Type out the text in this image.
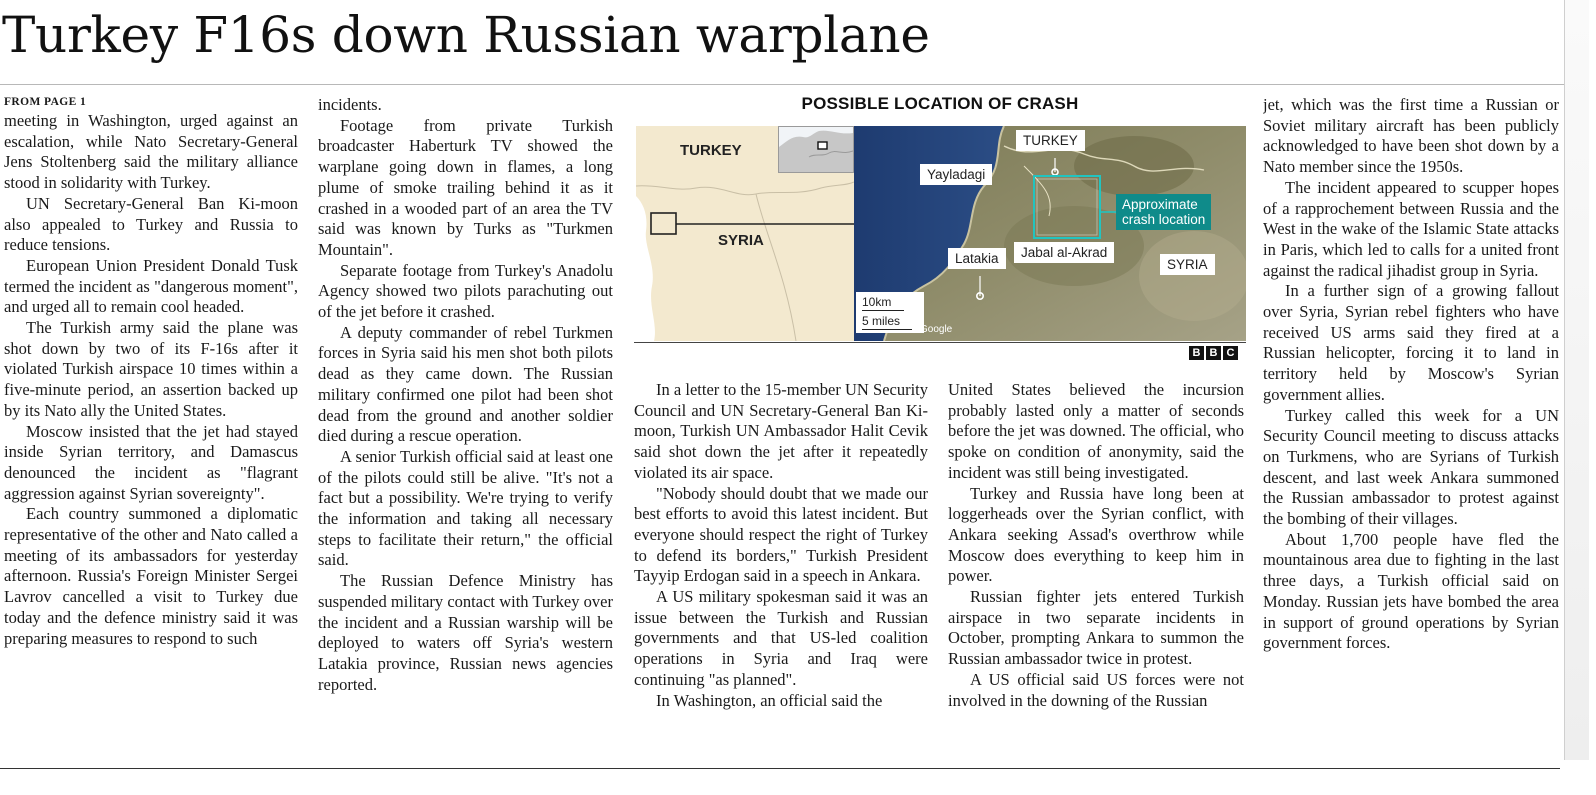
Turkey F16s down Russian warplane
FROM PAGE 1

meeting in Washington, urged against an escalation, while Nato Secretary-General Jens Stoltenberg said the military alliance stood in solidarity with Turkey.

UN Secretary-General Ban Ki-moon also appealed to Turkey and Russia to reduce tensions.

European Union President Donald Tusk termed the incident as "dangerous moment", and urged all to remain cool headed.

The Turkish army said the plane was shot down by two of its F-16s after it violated Turkish airspace 10 times within a five-minute period, an assertion backed up by its Nato ally the United States.

Moscow insisted that the jet had stayed inside Syrian territory, and Damascus denounced the incident as "flagrant aggression against Syrian sovereignty".

Each country summoned a diplomatic representative of the other and Nato called a meeting of its ambassadors for yesterday afternoon. Russia's Foreign Minister Sergei Lavrov cancelled a visit to Turkey due today and the defence ministry said it was preparing measures to respond to such

incidents.

Footage from private Turkish broadcaster Haberturk TV showed the warplane going down in flames, a long plume of smoke trailing behind it as it crashed in a wooded part of an area the TV said was known by Turks as "Turkmen Mountain".

Separate footage from Turkey's Anadolu Agency showed two pilots parachuting out of the jet before it crashed.

A deputy commander of rebel Turkmen forces in Syria said his men shot both pilots dead as they came down. The Russian military confirmed one pilot had been shot dead from the ground and another soldier died during a rescue operation.

A senior Turkish official said at least one of the pilots could still be alive. "It's not a fact but a possibility. We're trying to verify the information and taking all necessary steps to facilitate their return," the official said.

The Russian Defence Ministry has suspended military contact with Turkey over the incident and a Russian warship will be deployed to waters off Syria's western Latakia province, Russian news agencies reported.

POSSIBLE LOCATION OF CRASH
TURKEY
SYRIA
TURKEY
Yayladagi
Approximate
crash location
Latakia	Jabal al-Akrad
SYRIA
10km
5 miles
Google
B B C

In a letter to the 15-member UN Security Council and UN Secretary-General Ban Ki-moon, Turkish UN Ambassador Halit Cevik said shot down the jet after it repeatedly violated its air space.

"Nobody should doubt that we made our best efforts to avoid this latest incident. But everyone should respect the right of Turkey to defend its borders," Turkish President Tayyip Erdogan said in a speech in Ankara.

A US military spokesman said it was an issue between the Turkish and Russian governments and that US-led coalition operations in Syria and Iraq were continuing "as planned".

In Washington, an official said the

United States believed the incursion probably lasted only a matter of seconds before the jet was downed. The official, who spoke on condition of anonymity, said the incident was still being investigated.

Turkey and Russia have long been at loggerheads over the Syrian conflict, with Ankara seeking Assad's overthrow while Moscow does everything to keep him in power.

Russian fighter jets entered Turkish airspace in two separate incidents in October, prompting Ankara to summon the Russian ambassador twice in protest.

A US official said US forces were not involved in the downing of the Russian

jet, which was the first time a Russian or Soviet military aircraft has been publicly acknowledged to have been shot down by a Nato member since the 1950s.

The incident appeared to scupper hopes of a rapprochement between Russia and the West in the wake of the Islamic State attacks in Paris, which led to calls for a united front against the radical jihadist group in Syria.

In a further sign of a growing fallout over Syria, Syrian rebel fighters who have received US arms said they fired at a Russian helicopter, forcing it to land in territory held by Moscow's Syrian government allies.

Turkey called this week for a UN Security Council meeting to discuss attacks on Turkmens, who are Syrians of Turkish descent, and last week Ankara summoned the Russian ambassador to protest against the bombing of their villages.

About 1,700 people have fled the mountainous area due to fighting in the last three days, a Turkish official said on Monday. Russian jets have bombed the area in support of ground operations by Syrian government forces.
